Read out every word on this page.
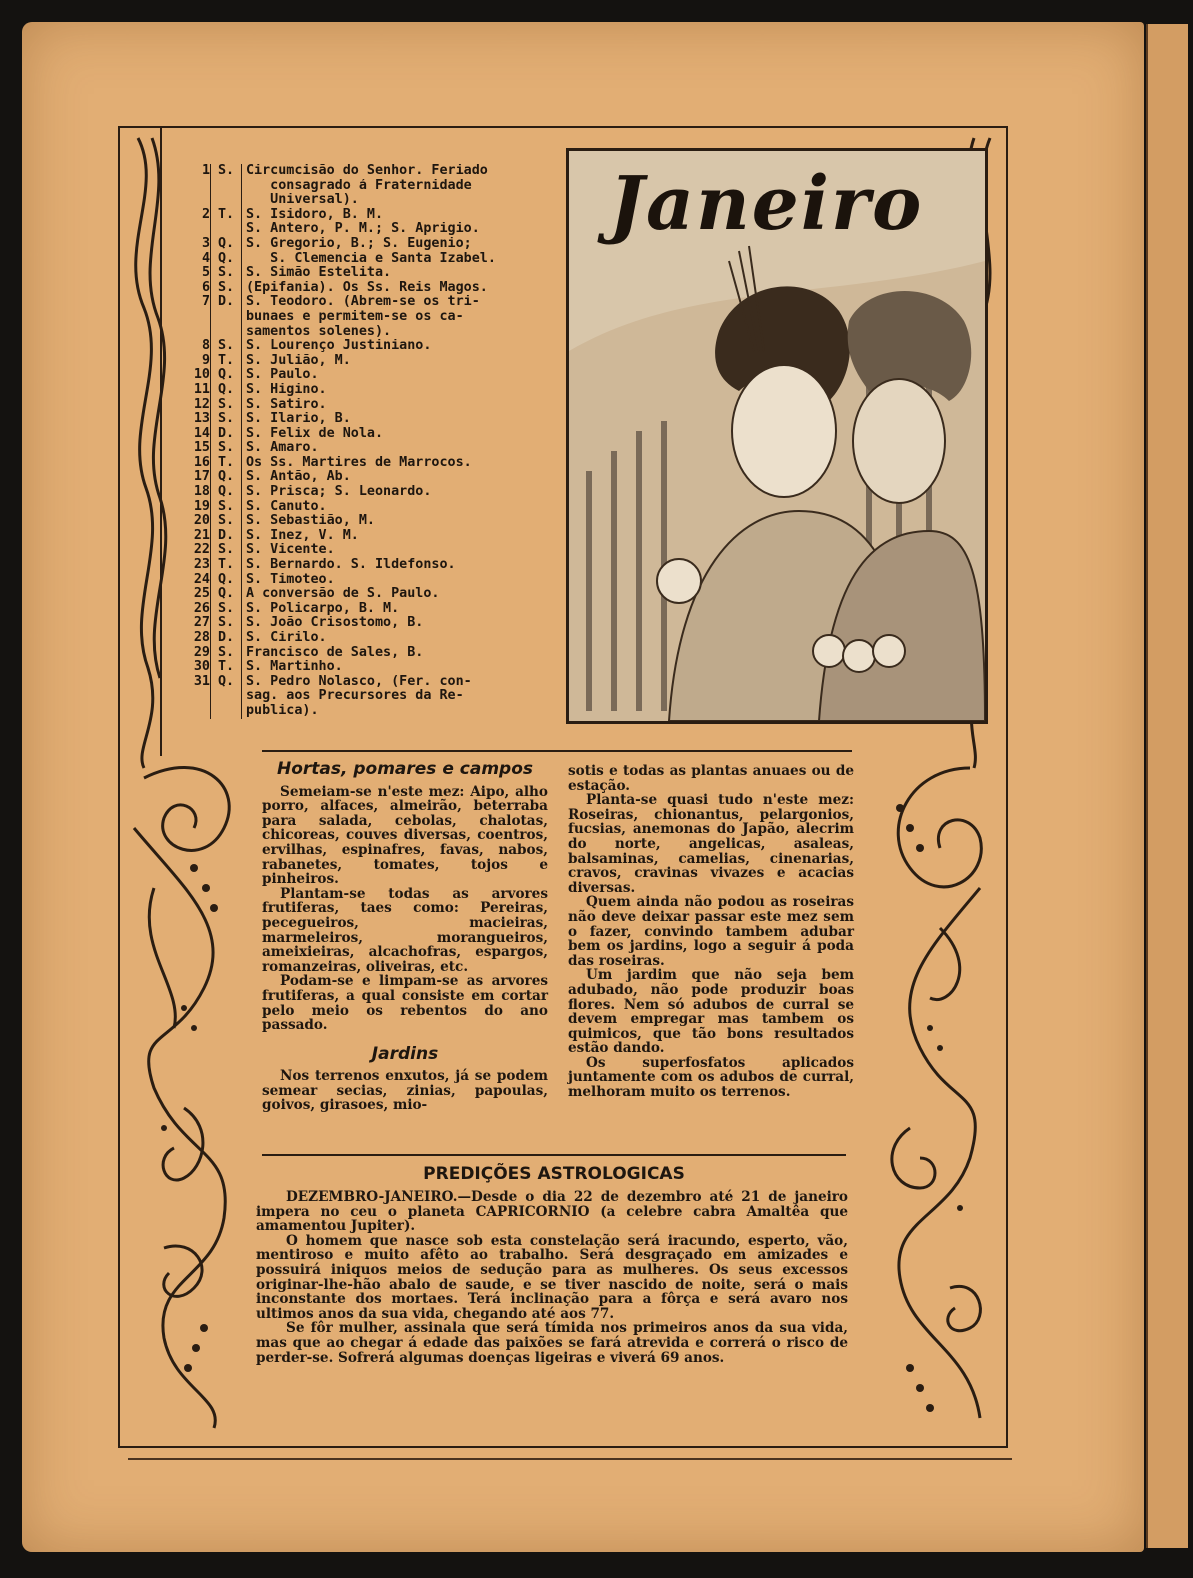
1 S. Circumcisão do Senhor. Feriado
consagrado á Fraternidade
Universal).
2 T. S. Isidoro, B. M.
S. Antero, P. M.; S. Aprigio.
3 Q. S. Gregorio, B.; S. Eugenio;
4 Q. S. Clemencia e Santa Izabel.
5 S. S. Simão Estelita.
6 S. (Epifania). Os Ss. Reis Magos.
7 D. S. Teodoro. (Abrem-se os tri-
bunaes e permitem-se os ca-
samentos solenes).
8 S. S. Lourenço Justiniano.
9 T. S. Julião, M.
10 Q. S. Paulo.
11 Q. S. Higino.
12 S. S. Satiro.
13 S. S. Ilario, B.
14 D. S. Felix de Nola.
15 S. S. Amaro.
16 T. Os Ss. Martires de Marrocos.
17 Q. S. Antão, Ab.
18 Q. S. Prisca; S. Leonardo.
19 S. S. Canuto.
20 S. S. Sebastião, M.
21 D. S. Inez, V. M.
22 S. S. Vicente.
23 T. S. Bernardo. S. Ildefonso.
24 Q. S. Timoteo.
25 Q. A conversão de S. Paulo.
26 S. S. Policarpo, B. M.
27 S. S. João Crisostomo, B.
28 D. S. Cirilo.
29 S. Francisco de Sales, B.
30 T. S. Martinho.
31 Q. S. Pedro Nolasco, (Fer. con-
sag. aos Precursores da Re-
publica).
Janeiro
Hortas, pomares e campos

Semeiam-se n'este mez: Aipo, alho porro, alfaces, almeirão, beterraba para salada, cebolas, chalotas, chicoreas, couves diversas, coentros, ervilhas, espinafres, favas, nabos, rabanetes, tomates, tojos e pinheiros.

Plantam-se todas as arvores frutiferas, taes como: Pereiras, pecegueiros, macieiras, marmeleiros, morangueiros, ameixieiras, alcachofras, espargos, romanzeiras, oliveiras, etc.

Podam-se e limpam-se as arvores frutiferas, a qual consiste em cortar pelo meio os rebentos do ano passado.

Jardins

Nos terrenos enxutos, já se podem semear secias, zinias, papoulas, goivos, girasoes, mio-

sotis e todas as plantas anuaes ou de estação.

Planta-se quasi tudo n'este mez: Roseiras, chionantus, pelargonios, fucsias, anemonas do Japão, alecrim do norte, angelicas, asaleas, balsaminas, camelias, cinenarias, cravos, cravinas vivazes e acacias diversas.

Quem ainda não podou as roseiras não deve deixar passar este mez sem o fazer, convindo tambem adubar bem os jardins, logo a seguir á poda das roseiras.

Um jardim que não seja bem adubado, não pode produzir boas flores. Nem só adubos de curral se devem empregar mas tambem os quimicos, que tão bons resultados estão dando.

Os superfosfatos aplicados juntamente com os adubos de curral, melhoram muito os terrenos.

PREDIÇÕES ASTROLOGICAS

DEZEMBRO-JANEIRO.—Desde o dia 22 de dezembro até 21 de janeiro impera no ceu o planeta CAPRICORNIO (a celebre cabra Amaltêa que amamentou Jupiter).

O homem que nasce sob esta constelação será iracundo, esperto, vão, mentiroso e muito afêto ao trabalho. Será desgraçado em amizades e possuirá iniquos meios de sedução para as mulheres. Os seus excessos originar-lhe-hão abalo de saude, e se tiver nascido de noite, será o mais inconstante dos mortaes. Terá inclinação para a fôrça e será avaro nos ultimos anos da sua vida, chegando até aos 77.

Se fôr mulher, assinala que será tímida nos primeiros anos da sua vida, mas que ao chegar á edade das paixões se fará atrevida e correrá o risco de perder-se. Sofrerá algumas doenças ligeiras e viverá 69 anos.
